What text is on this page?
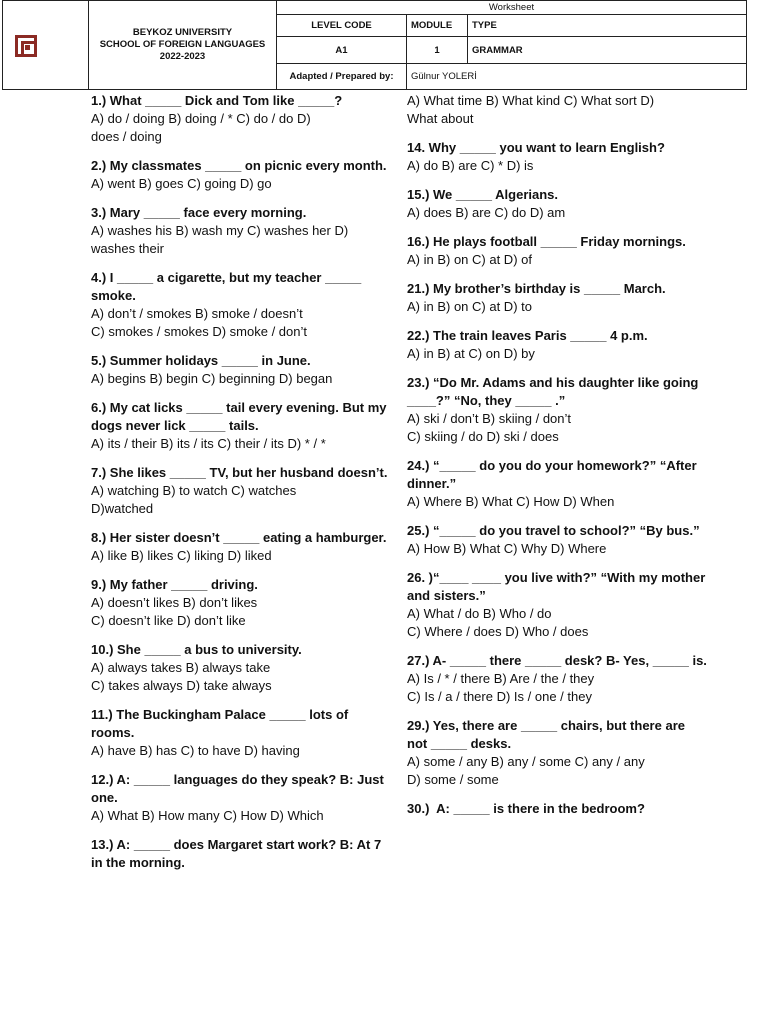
	BEYKOZ UNIVERSITY
SCHOOL OF FOREIGN LANGUAGES
2022-2023	Worksheet		
		LEVEL CODE	MODULE	TYPE
		A1	1	GRAMMAR
		Adapted / Prepared by:	Gülnur YOLERİ	
1.) What _____ Dick and Tom like _____?
A) do / doing B) doing / * C) do / do D)
does / doing
2.) My classmates _____ on picnic every month.
A) went B) goes C) going D) go
3.) Mary _____ face every morning.
A) washes his B) wash my C) washes her D)
washes their
4.) I _____ a cigarette, but my teacher _____ smoke.
A) don’t / smokes B) smoke / doesn’t
C) smokes / smokes D) smoke / don’t
5.) Summer holidays _____ in June.
A) begins B) begin C) beginning D) began
6.) My cat licks _____ tail every evening. But my dogs never lick _____ tails.
A) its / their B) its / its C) their / its D) * / *
7.) She likes _____ TV, but her husband doesn’t.
A) watching B) to watch C) watches
D)watched
8.) Her sister doesn’t _____ eating a hamburger.
A) like B) likes C) liking D) liked
9.) My father _____ driving.
A) doesn’t likes B) don’t likes
C) doesn’t like D) don’t like
10.) She _____ a bus to university.
A) always takes B) always take
C) takes always D) take always
11.) The Buckingham Palace _____ lots of rooms.
A) have B) has C) to have D) having
12.) A: _____ languages do they speak? B: Just one.
A) What B) How many C) How D) Which
13.) A: _____ does Margaret start work? B: At 7 in the morning.
A) What time B) What kind C) What sort D)
What about
14. Why _____ you want to learn English?
A) do B) are C) * D) is
15.) We _____ Algerians.
A) does B) are C) do D) am
16.) He plays football _____ Friday mornings.
A) in B) on C) at D) of
21.) My brother’s birthday is _____ March.
A) in B) on C) at D) to
22.) The train leaves Paris _____ 4 p.m.
A) in B) at C) on D) by
23.) “Do Mr. Adams and his daughter like going ____?” “No, they _____ .”
A) ski / don’t B) skiing / don’t
C) skiing / do D) ski / does
24.) “_____ do you do your homework?” “After dinner.”
A) Where B) What C) How D) When
25.) “_____ do you travel to school?” “By bus.”
A) How B) What C) Why D) Where
26. )“____ ____ you live with?” “With my mother and sisters.”
A) What / do B) Who / do
C) Where / does D) Who / does
27.) A- _____ there _____ desk? B- Yes, _____ is.
A) Is / * / there B) Are / the / they
C) Is / a / there D) Is / one / they
29.) Yes, there are _____ chairs, but there are not _____ desks.
A) some / any B) any / some C) any / any
D) some / some
30.)  A: _____ is there in the bedroom?
